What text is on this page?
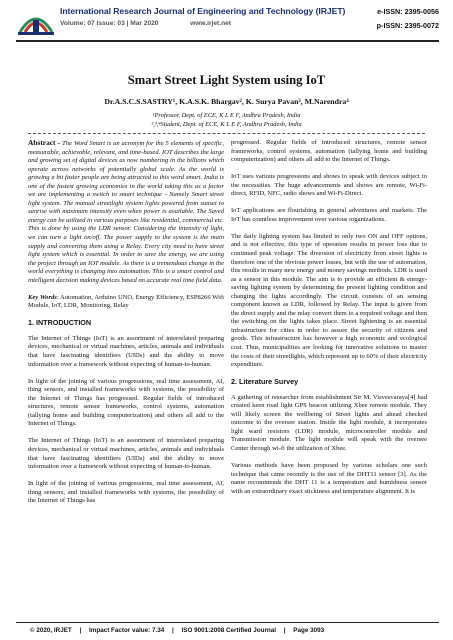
International Research Journal of Engineering and Technology (IRJET)
Volume: 07 Issue: 03 | Mar 2020	www.irjet.net
e-ISSN: 2395-0056
p-ISSN: 2395-0072
Smart Street Light System using IoT
Dr.A.S.C.S.SASTRY¹, K.A.S.K. Bhargav², K. Surya Pavan³, M.Narendra⁴
¹Professor, Dept. of ECE, K L E F, Andhra Pradesh, India
²,³,⁴Student, Dept. of ECE, K L E F, Andhra Pradesh, India

Abstract - The Word Smart is an acronym for the 5 elements of specific, measurable, achievable, relevant, and time-based. IOT describes the large and growing set of digital devices as now numbering in the billions which operate across networks of potentially global scale. As the world is growing a bit faster people are being attracted to this word smart. India is one of the fastest growing economies in the world taking this as a factor we are implementing a switch to smart technique - Namely Smart street light system. The manual streetlight system lights powered from sunset to sunrise with maximum intensity even when power is available. The Saved energy can be utilized in various purposes like residential, commercial etc. This is done by using the LDR sensor. Considering the intensity of light, we can turn a light on/off. The power supply to the system is the main supply and converting them using a Relay. Every city need to have street light system which is essential. In order to save the energy, we are using the project through an IOT module. As there is a tremendous change in the world everything is changing into automation. This is a smart control and intelligent decision making devices based on accurate real time field data.

Key Words: Automation, Arduino UNO, Energy Efficiency, ESP8266 Wifi Module, IoT, LDR, Monitoring, Relay

1. INTRODUCTION

The Internet of Things (IoT) is an assortment of interrelated preparing devices, mechanical or virtual machines, articles, animals and individuals that have fascinating identifiers (UIDs) and the ability to move information over a framework without expecting of human-to-human.

In light of the joining of various progressions, real time assessment, AI, thing sensors, and installed frameworks with systems, the possibility of the Internet of Things has progressed. Regular fields of introduced structures, remote sensor frameworks, control systems, automation (tallying home and building computerization) and others all add to the Internet of Things.

The Internet of Things (IoT) is an assortment of interrelated preparing devices, mechanical or virtual machines, articles, animals and individuals that have fascinating identifiers (UIDs) and the ability to move information over a framework without expecting of human-to-human.

In light of the joining of various progressions, real time assessment, AI, thing sensors, and installed frameworks with systems, the possibility of the Internet of Things has

progressed. Regular fields of introduced structures, remote sensor frameworks, control systems, automation (tallying home and building computerization) and others all add to the Internet of Things.

IoT uses various progressions and shows to speak with devices subject to the necessities. The huge advancements and shows are remote, Wi-Fi-direct, RFID, NFC, radio shows and Wi-Fi-Direct.

IoT applications are flourishing in general adventures and markets. The IoT has countless improvement over various organizations.

The daily lighting system has limited to only two ON and OFF options, and is not effective, this type of operation results in power loss due to continued peak voltage. The diversion of electricity from street lights is therefore one of the obvious power losses, but with the use of automation, this results in many new energy and money savings methods. LDR is used as a sensor in this module. The aim is to provide an efficient & energy-saving lighting system by determining the present lighting condition and changing the lights accordingly. The circuit consists of an sensing component known as LDR, followed by Relay. The input is given from the direct supply and the relay convert them to a required voltage and then the switching on the lights takes place. Street lightening is an essential infrastructure for cities in order to assure the security of citizens and goods. This infrastructure has however a high economic and ecological cost. Thus, municipalities are looking for innovative solutions to master the costs of their streetlights, which represent up to 60% of their electricity expenditure.

2. Literature Survey

A gathering of researcher from establishment Sir M. Visvesvaraya[4] had created keen road light GPS beacon utilizing Xbee remote module. They will likely screen the wellbeing of Street lights and ahead checked outcome to the oversee station. Inside the light module, it incorporates light ward resistors (LDR) module, microcontroller module and Transmission module. The light module will speak with the oversee Center through wi-fi the utilization of Xbee.

Various methods have been proposed by various scholars one such technique that came recently is the use of the DHT11 sensor [3]. As the name recommends the DHT 11 is a temperature and humidness sensor with an extraordinary exact stickiness and temperature alignment. It is

© 2020, IRJET | Impact Factor value: 7.34 | ISO 9001:2008 Certified Journal | Page 3093
